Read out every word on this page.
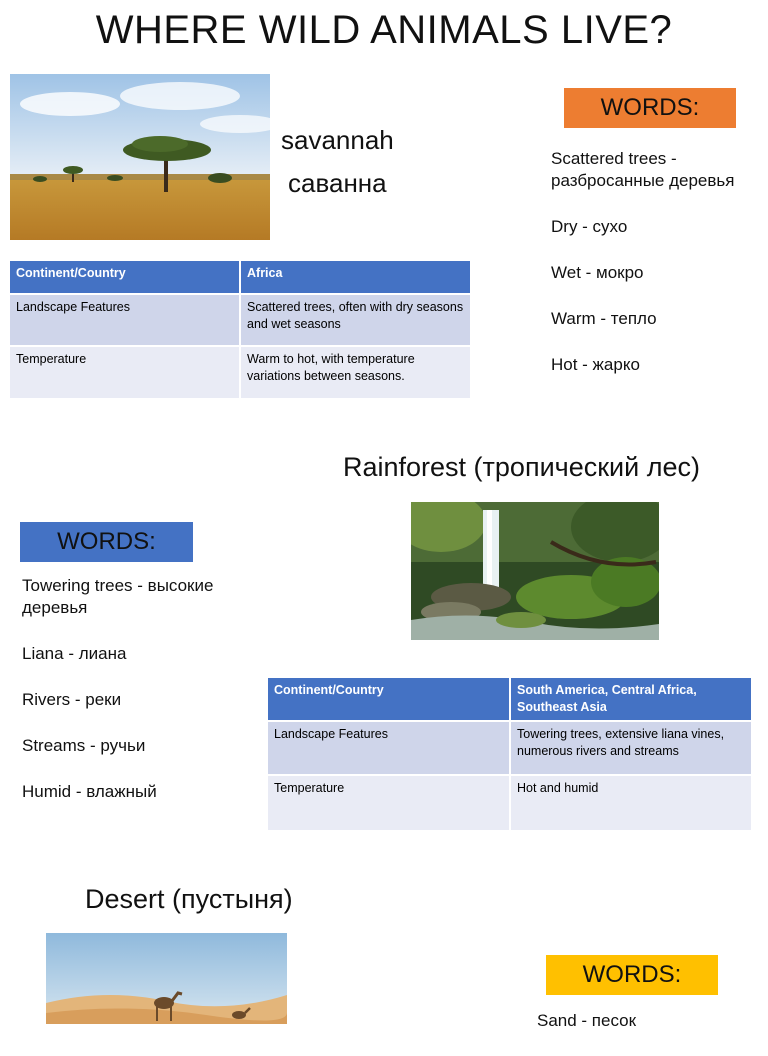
WHERE WILD ANIMALS LIVE?
savannah
саванна
Continent/Country	Africa
Landscape Features	Scattered trees, often with dry seasons and wet seasons
Temperature	Warm to hot, with temperature variations between seasons.
WORDS:
Scattered trees - разбросанные деревья
Dry - сухо
Wet - мокро
Warm - тепло
Hot - жарко
Rainforest (тропический лес)
WORDS:
Towering trees - высокие деревья
Liana - лиана
Rivers - реки
Streams - ручьи
Humid - влажный
Continent/Country	South America, Central Africa, Southeast Asia
Landscape Features	Towering trees, extensive liana vines, numerous rivers and streams
Temperature	Hot and humid
Desert (пустыня)
WORDS:
Sand - песок
